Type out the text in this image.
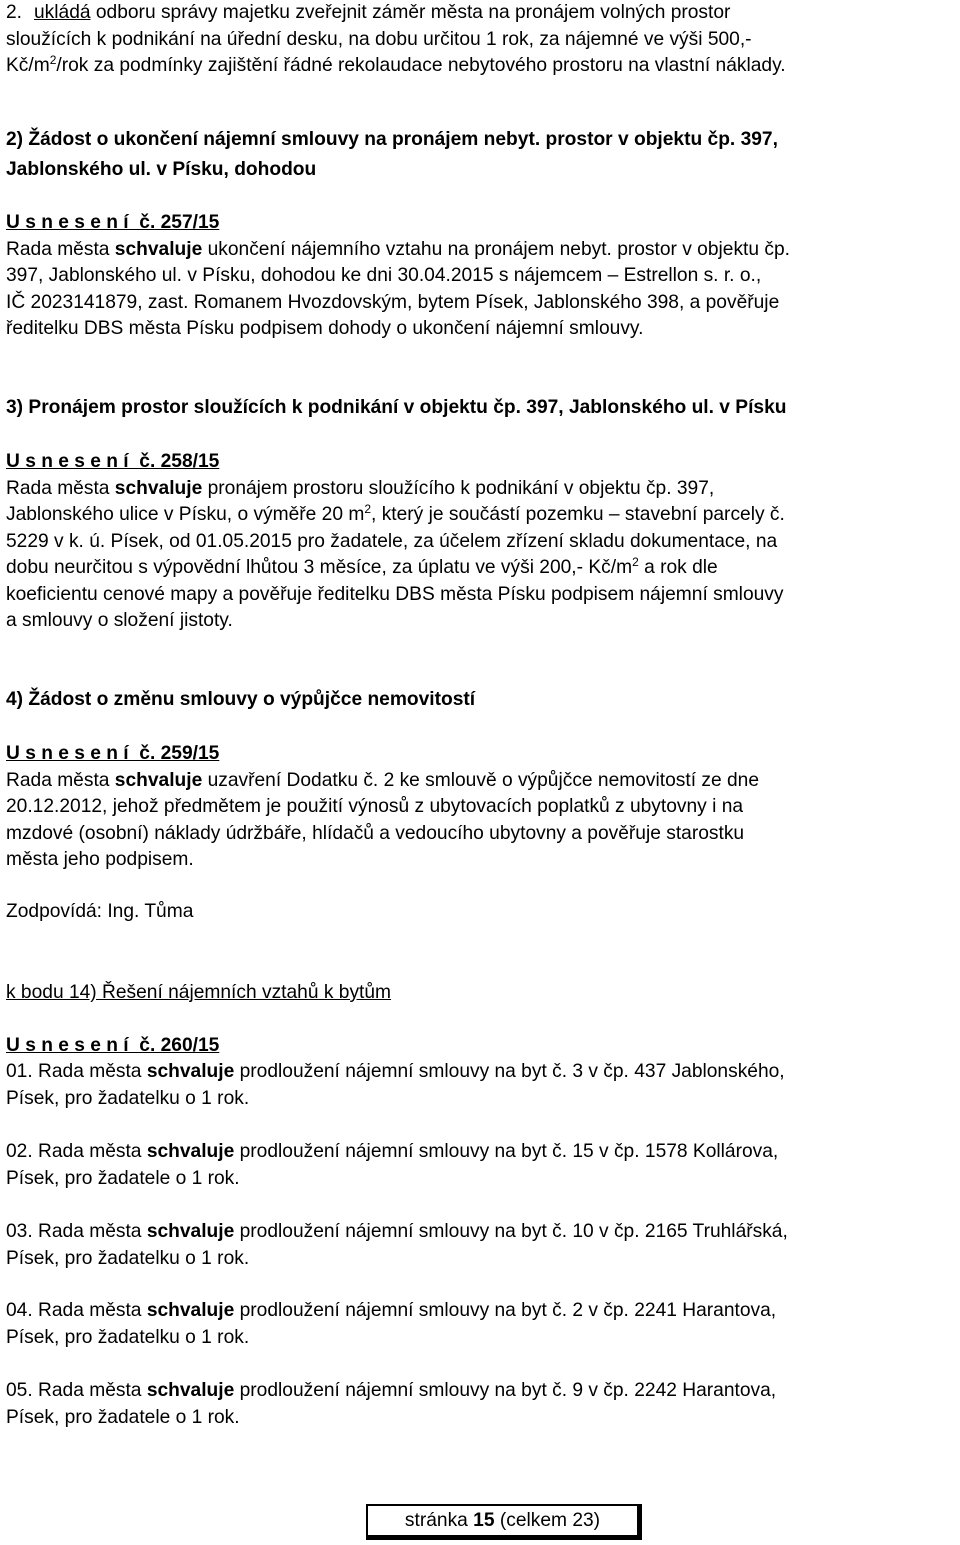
2. ukládá odboru správy majetku zveřejnit záměr města na pronájem volných prostor

sloužících k podnikání na úřední desku, na dobu určitou 1 rok, za nájemné ve výši 500,-

$Kč/m^2$/rok za podmínky zajištění řádné rekolaudace nebytového prostoru na vlastní náklady.

2) Žádost o ukončení nájemní smlouvy na pronájem nebyt. prostor v objektu čp. 397,

Jablonského ul. v Písku, dohodou

U s n e s e n í  č. 257/15

Rada města schvaluje ukončení nájemního vztahu na pronájem nebyt. prostor v objektu čp.

397, Jablonského ul. v Písku, dohodou ke dni 30.04.2015 s nájemcem – Estrellon s. r. o.,

IČ 2023141879, zast. Romanem Hvozdovským, bytem Písek, Jablonského 398, a pověřuje

ředitelku DBS města Písku podpisem dohody o ukončení nájemní smlouvy.

3) Pronájem prostor sloužících k podnikání v objektu čp. 397, Jablonského ul. v Písku

U s n e s e n í  č. 258/15

Rada města schvaluje pronájem prostoru sloužícího k podnikání v objektu čp. 397,

Jablonského ulice v Písku, o výměře 20 $m^2$, který je součástí pozemku – stavební parcely č.

5229 v k. ú. Písek, od 01.05.2015 pro žadatele, za účelem zřízení skladu dokumentace, na

dobu neurčitou s výpovědní lhůtou 3 měsíce, za úplatu ve výši 200,- $Kč/m^2$ a rok dle

koeficientu cenové mapy a pověřuje ředitelku DBS města Písku podpisem nájemní smlouvy

a smlouvy o složení jistoty.

4) Žádost o změnu smlouvy o výpůjčce nemovitostí

U s n e s e n í  č. 259/15

Rada města schvaluje uzavření Dodatku č. 2 ke smlouvě o výpůjčce nemovitostí ze dne

20.12.2012, jehož předmětem je použití výnosů z ubytovacích poplatků z ubytovny i na

mzdové (osobní) náklady údržbáře, hlídačů a vedoucího ubytovny a pověřuje starostku

města jeho podpisem.

Zodpovídá: Ing. Tůma

k bodu 14) Řešení nájemních vztahů k bytům

U s n e s e n í  č. 260/15

01. Rada města schvaluje prodloužení nájemní smlouvy na byt č. 3 v čp. 437 Jablonského,

Písek, pro žadatelku o 1 rok.

02. Rada města schvaluje prodloužení nájemní smlouvy na byt č. 15 v čp. 1578 Kollárova,

Písek, pro žadatele o 1 rok.

03. Rada města schvaluje prodloužení nájemní smlouvy na byt č. 10 v čp. 2165 Truhlářská,

Písek, pro žadatelku o 1 rok.

04. Rada města schvaluje prodloužení nájemní smlouvy na byt č. 2 v čp. 2241 Harantova,

Písek, pro žadatelku o 1 rok.

05. Rada města schvaluje prodloužení nájemní smlouvy na byt č. 9 v čp. 2242 Harantova,

Písek, pro žadatele o 1 rok.

stránka 15 (celkem 23)
